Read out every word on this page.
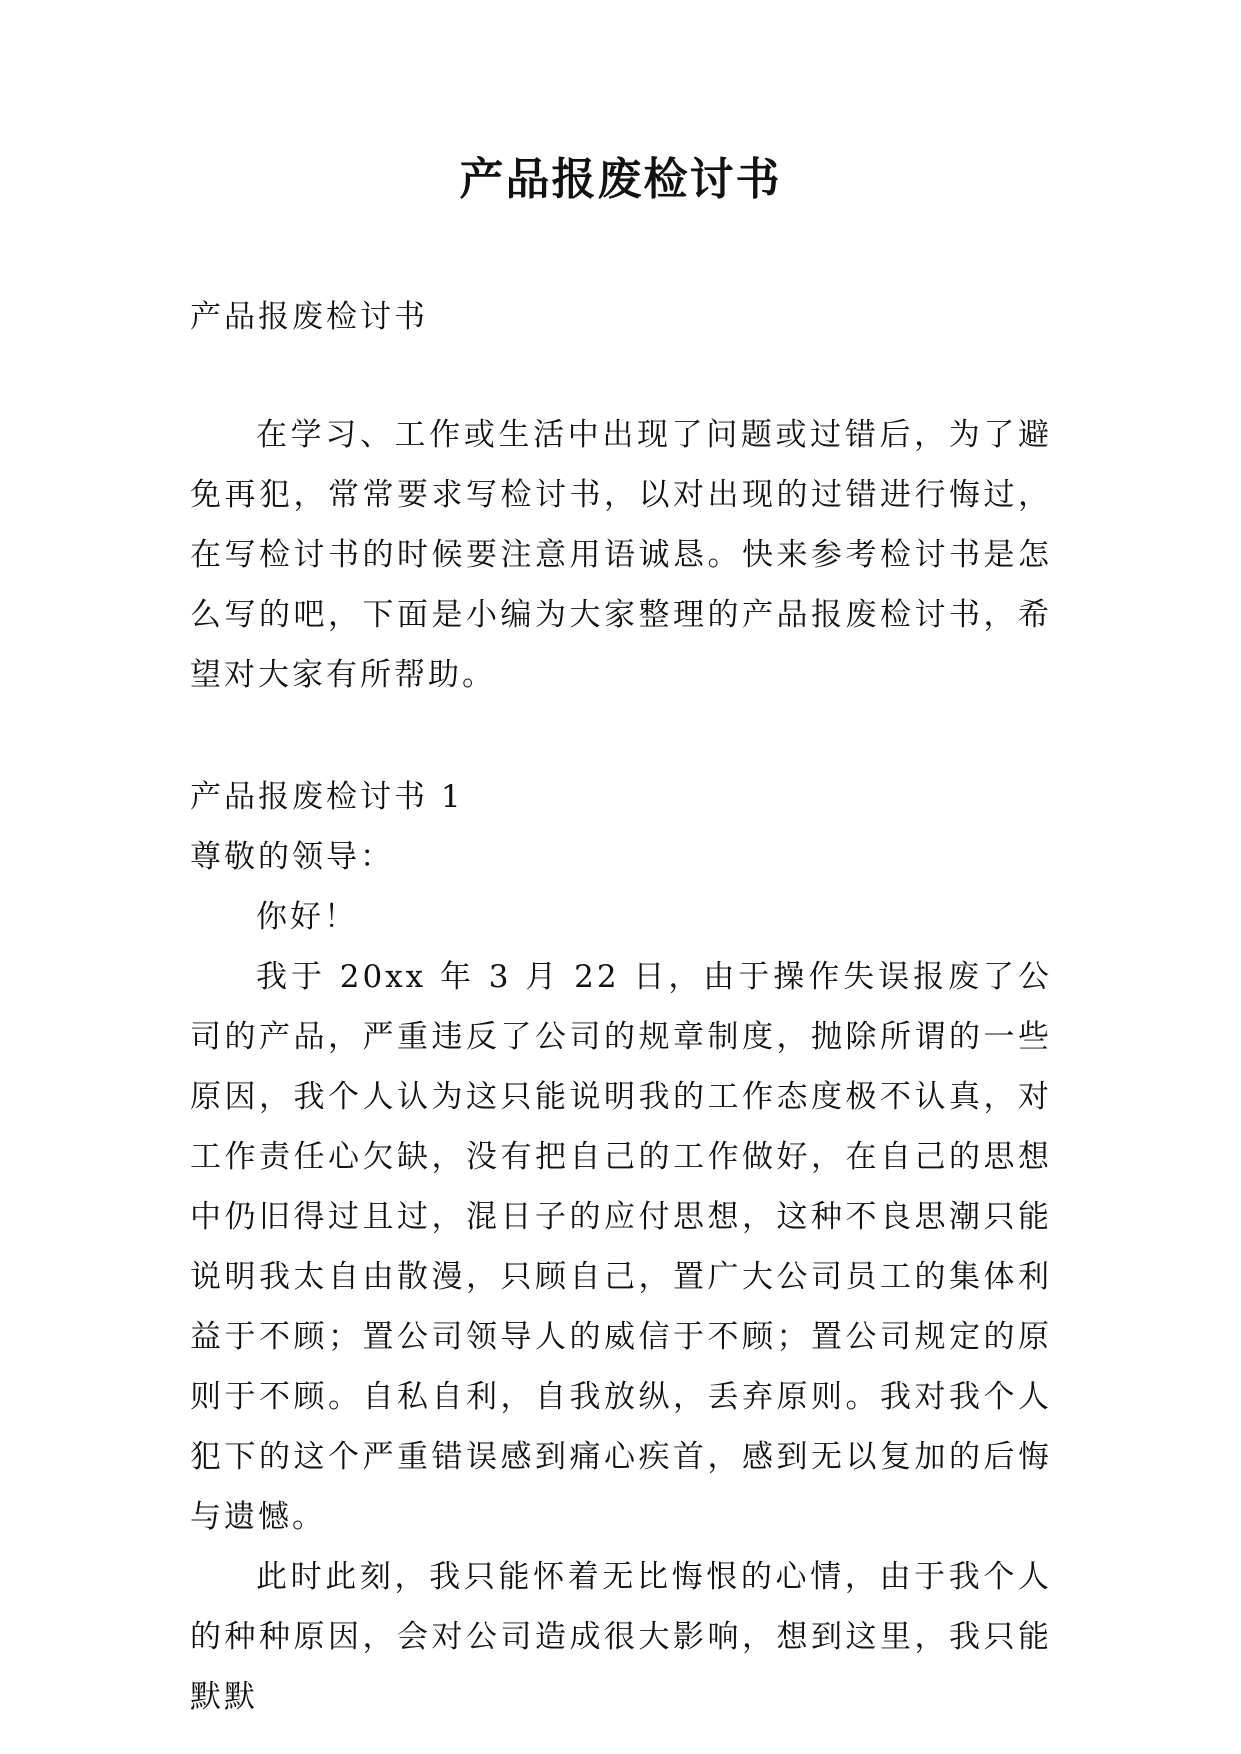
产品报废检讨书

产品报废检讨书

在学习、工作或生活中出现了问题或过错后，为了避免再犯，常常要求写检讨书，以对出现的过错进行悔过，在写检讨书的时候要注意用语诚恳。快来参考检讨书是怎么写的吧，下面是小编为大家整理的产品报废检讨书，希望对大家有所帮助。

产品报废检讨书 1

尊敬的领导：

你好！

我于 20xx 年 3 月 22 日，由于操作失误报废了公司的产品，严重违反了公司的规章制度，抛除所谓的一些原因，我个人认为这只能说明我的工作态度极不认真，对工作责任心欠缺，没有把自己的工作做好，在自己的思想中仍旧得过且过，混日子的应付思想，这种不良思潮只能说明我太自由散漫，只顾自己，置广大公司员工的集体利益于不顾；置公司领导人的威信于不顾；置公司规定的原则于不顾。自私自利，自我放纵，丢弃原则。我对我个人犯下的这个严重错误感到痛心疾首，感到无以复加的后悔与遗憾。

此时此刻，我只能怀着无比悔恨的心情，由于我个人的种种原因，会对公司造成很大影响，想到这里，我只能默默
